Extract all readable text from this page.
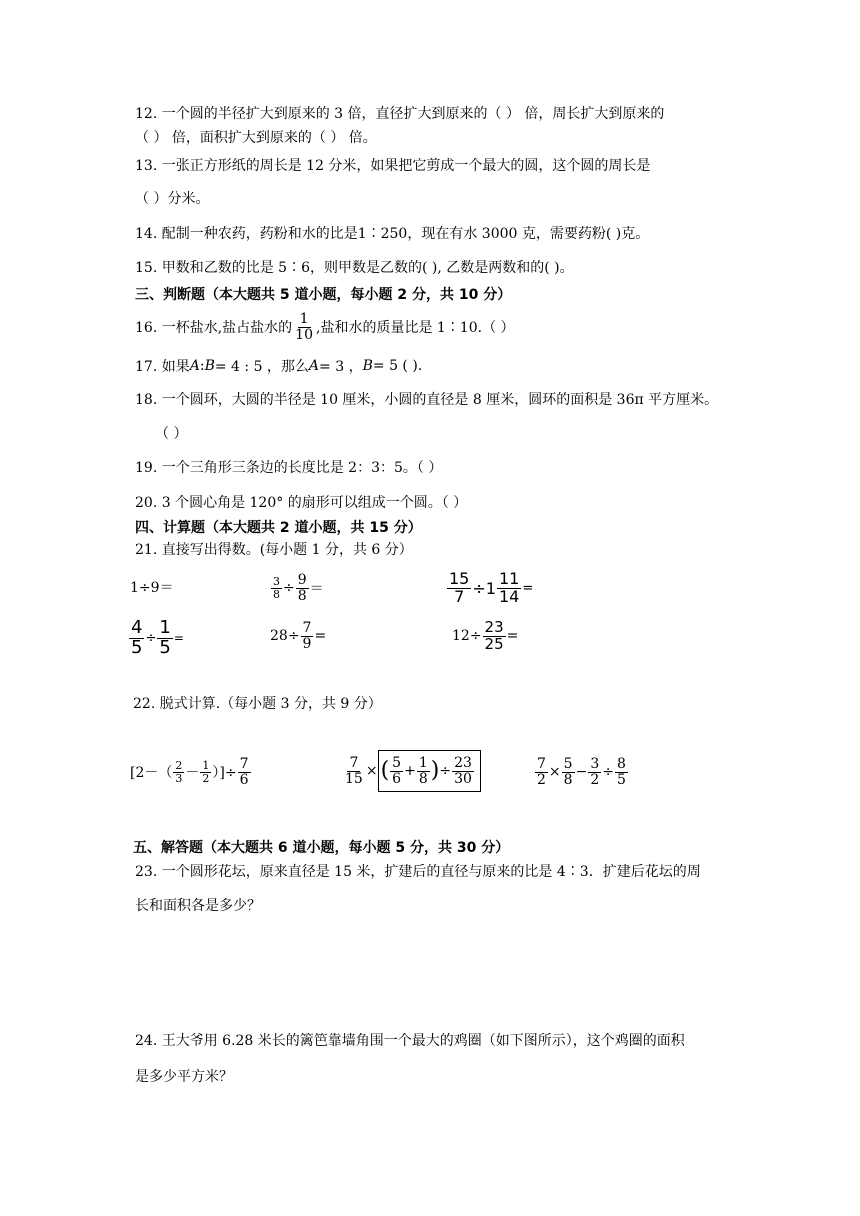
12. 一个圆的半径扩大到原来的 3 倍，直径扩大到原来的（ ） 倍，周长扩大到原来的
（ ） 倍，面积扩大到原来的（ ） 倍。
13. 一张正方形纸的周长是 12 分米，如果把它剪成一个最大的圆，这个圆的周长是
（ ）分米。
14. 配制一种农药，药粉和水的比是1∶250，现在有水 3000 克，需要药粉( )克。
15. 甲数和乙数的比是 5∶6，则甲数是乙数的( ), 乙数是两数和的( )。
三、判断题（本大题共 5 道小题，每小题 2 分，共 10 分）
16. 一杯盐水,盐占盐水的 $\frac{1}{10}$ ,盐和水的质量比是 1∶10.（ ）
17. 如果 A : B = 4 : 5 ，那么 A = 3 ， B = 5 ( ).
18. 一个圆环，大圆的半径是 10 厘米，小圆的直径是 8 厘米，圆环的面积是 36π 平方厘米。
（ ）
19. 一个三角形三条边的长度比是 2：3：5。（ ）
20. 3 个圆心角是 120° 的扇形可以组成一个圆。（ ）
四、计算题（本大题共 2 道小题，共 15 分）
21. 直接写出得数。(每小题 1 分，共 6 分）
1÷9＝	$\frac{3}{8} \div \frac{9}{8}$ ＝	$\frac{15}{7} \div 1 \frac{11}{14}$ =
$\frac{4}{5} \div \frac{1}{5}$ =	$28\div \frac{7}{9}$ =	$12\div \frac{23}{25}$ =
22. 脱式计算.（每小题 3 分，共 9 分）
[$2-( \frac{2}{3} - \frac{1}{2}$ ）]÷ $\frac{7}{6}$	$\frac{7}{15}$ × ( $\frac{5}{6} + \frac{1}{8}$ ) ÷ $\frac{23}{30}$	$\frac{7}{2} \times \frac{5}{8} - \frac{3}{2} \div \frac{8}{5}$
五、解答题（本大题共 6 道小题，每小题 5 分，共 30 分）
23. 一个圆形花坛，原来直径是 15 米，扩建后的直径与原来的比是 4∶3．扩建后花坛的周
长和面积各是多少？
24. 王大爷用 6.28 米长的篱笆靠墙角围一个最大的鸡圈（如下图所示），这个鸡圈的面积
是多少平方米？
